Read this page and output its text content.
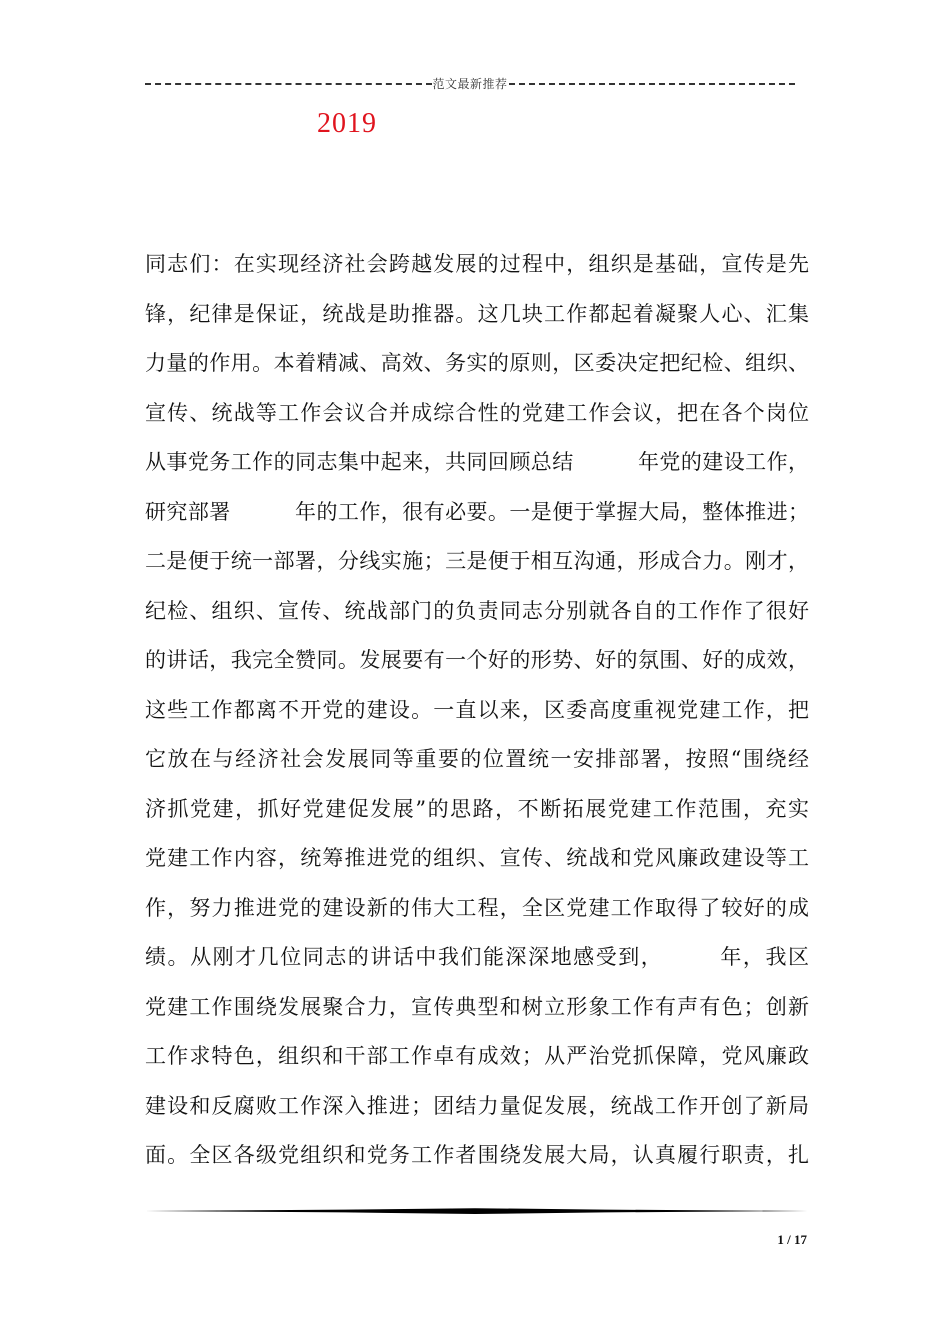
范文最新推荐
2019
同志们：在实现经济社会跨越发展的过程中，组织是基础，宣传是先
锋，纪律是保证，统战是助推器。这几块工作都起着凝聚人心、汇集
力量的作用。本着精减、高效、务实的原则，区委决定把纪检、组织、
宣传、统战等工作会议合并成综合性的党建工作会议，把在各个岗位
从事党务工作的同志集中起来，共同回顾总结　　　年党的建设工作，
研究部署　　　年的工作，很有必要。一是便于掌握大局，整体推进；
二是便于统一部署，分线实施；三是便于相互沟通，形成合力。刚才，
纪检、组织、宣传、统战部门的负责同志分别就各自的工作作了很好
的讲话，我完全赞同。发展要有一个好的形势、好的氛围、好的成效，
这些工作都离不开党的建设。一直以来，区委高度重视党建工作，把
它放在与经济社会发展同等重要的位置统一安排部署，按照“围绕经
济抓党建，抓好党建促发展”的思路，不断拓展党建工作范围，充实
党建工作内容，统筹推进党的组织、宣传、统战和党风廉政建设等工
作，努力推进党的建设新的伟大工程，全区党建工作取得了较好的成
绩。从刚才几位同志的讲话中我们能深深地感受到，　　　年，我区
党建工作围绕发展聚合力，宣传典型和树立形象工作有声有色；创新
工作求特色，组织和干部工作卓有成效；从严治党抓保障，党风廉政
建设和反腐败工作深入推进；团结力量促发展，统战工作开创了新局
面。全区各级党组织和党务工作者围绕发展大局，认真履行职责，扎
1 / 17
